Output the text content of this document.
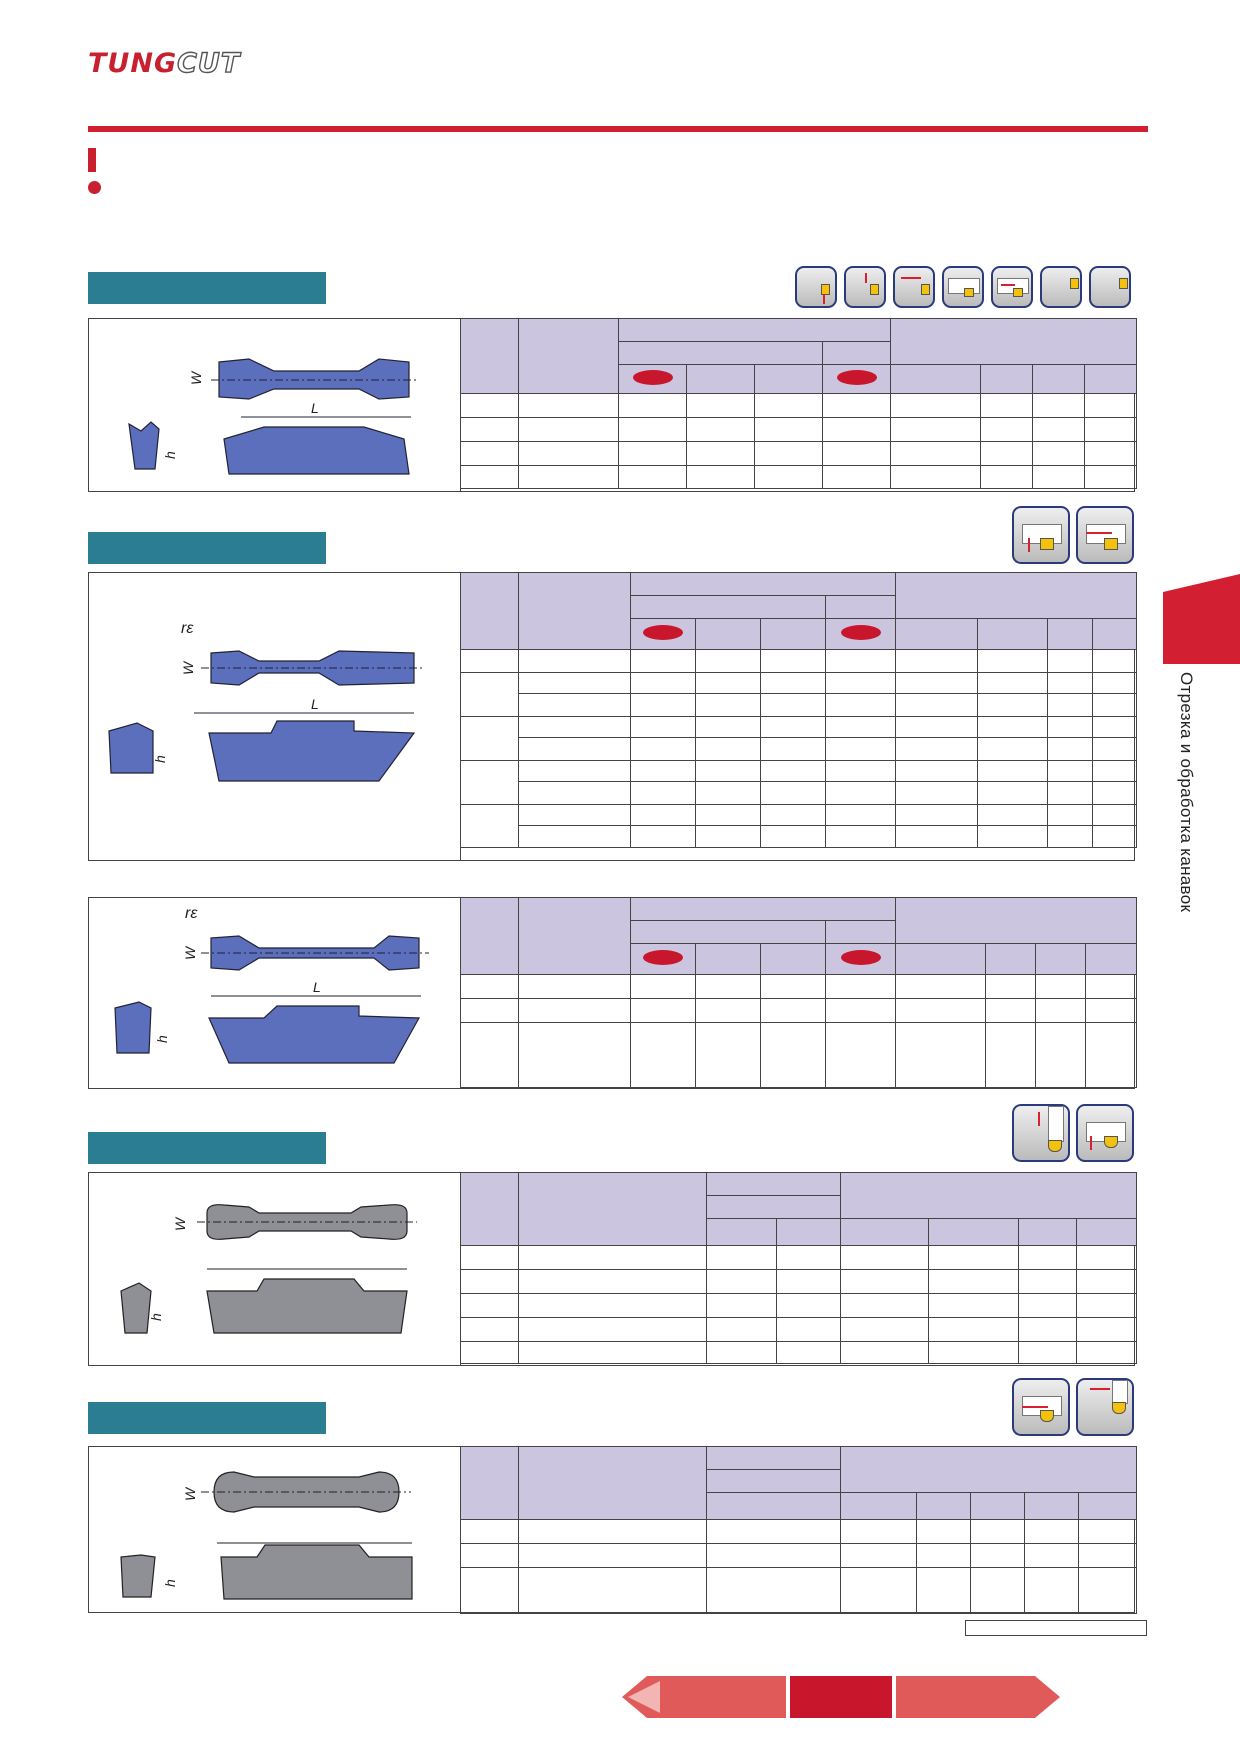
TUNGCUT
Отрезка и обработка канавок
W
L
h

rε
W
L
h

rε
W
L
h

W
h

W
h
